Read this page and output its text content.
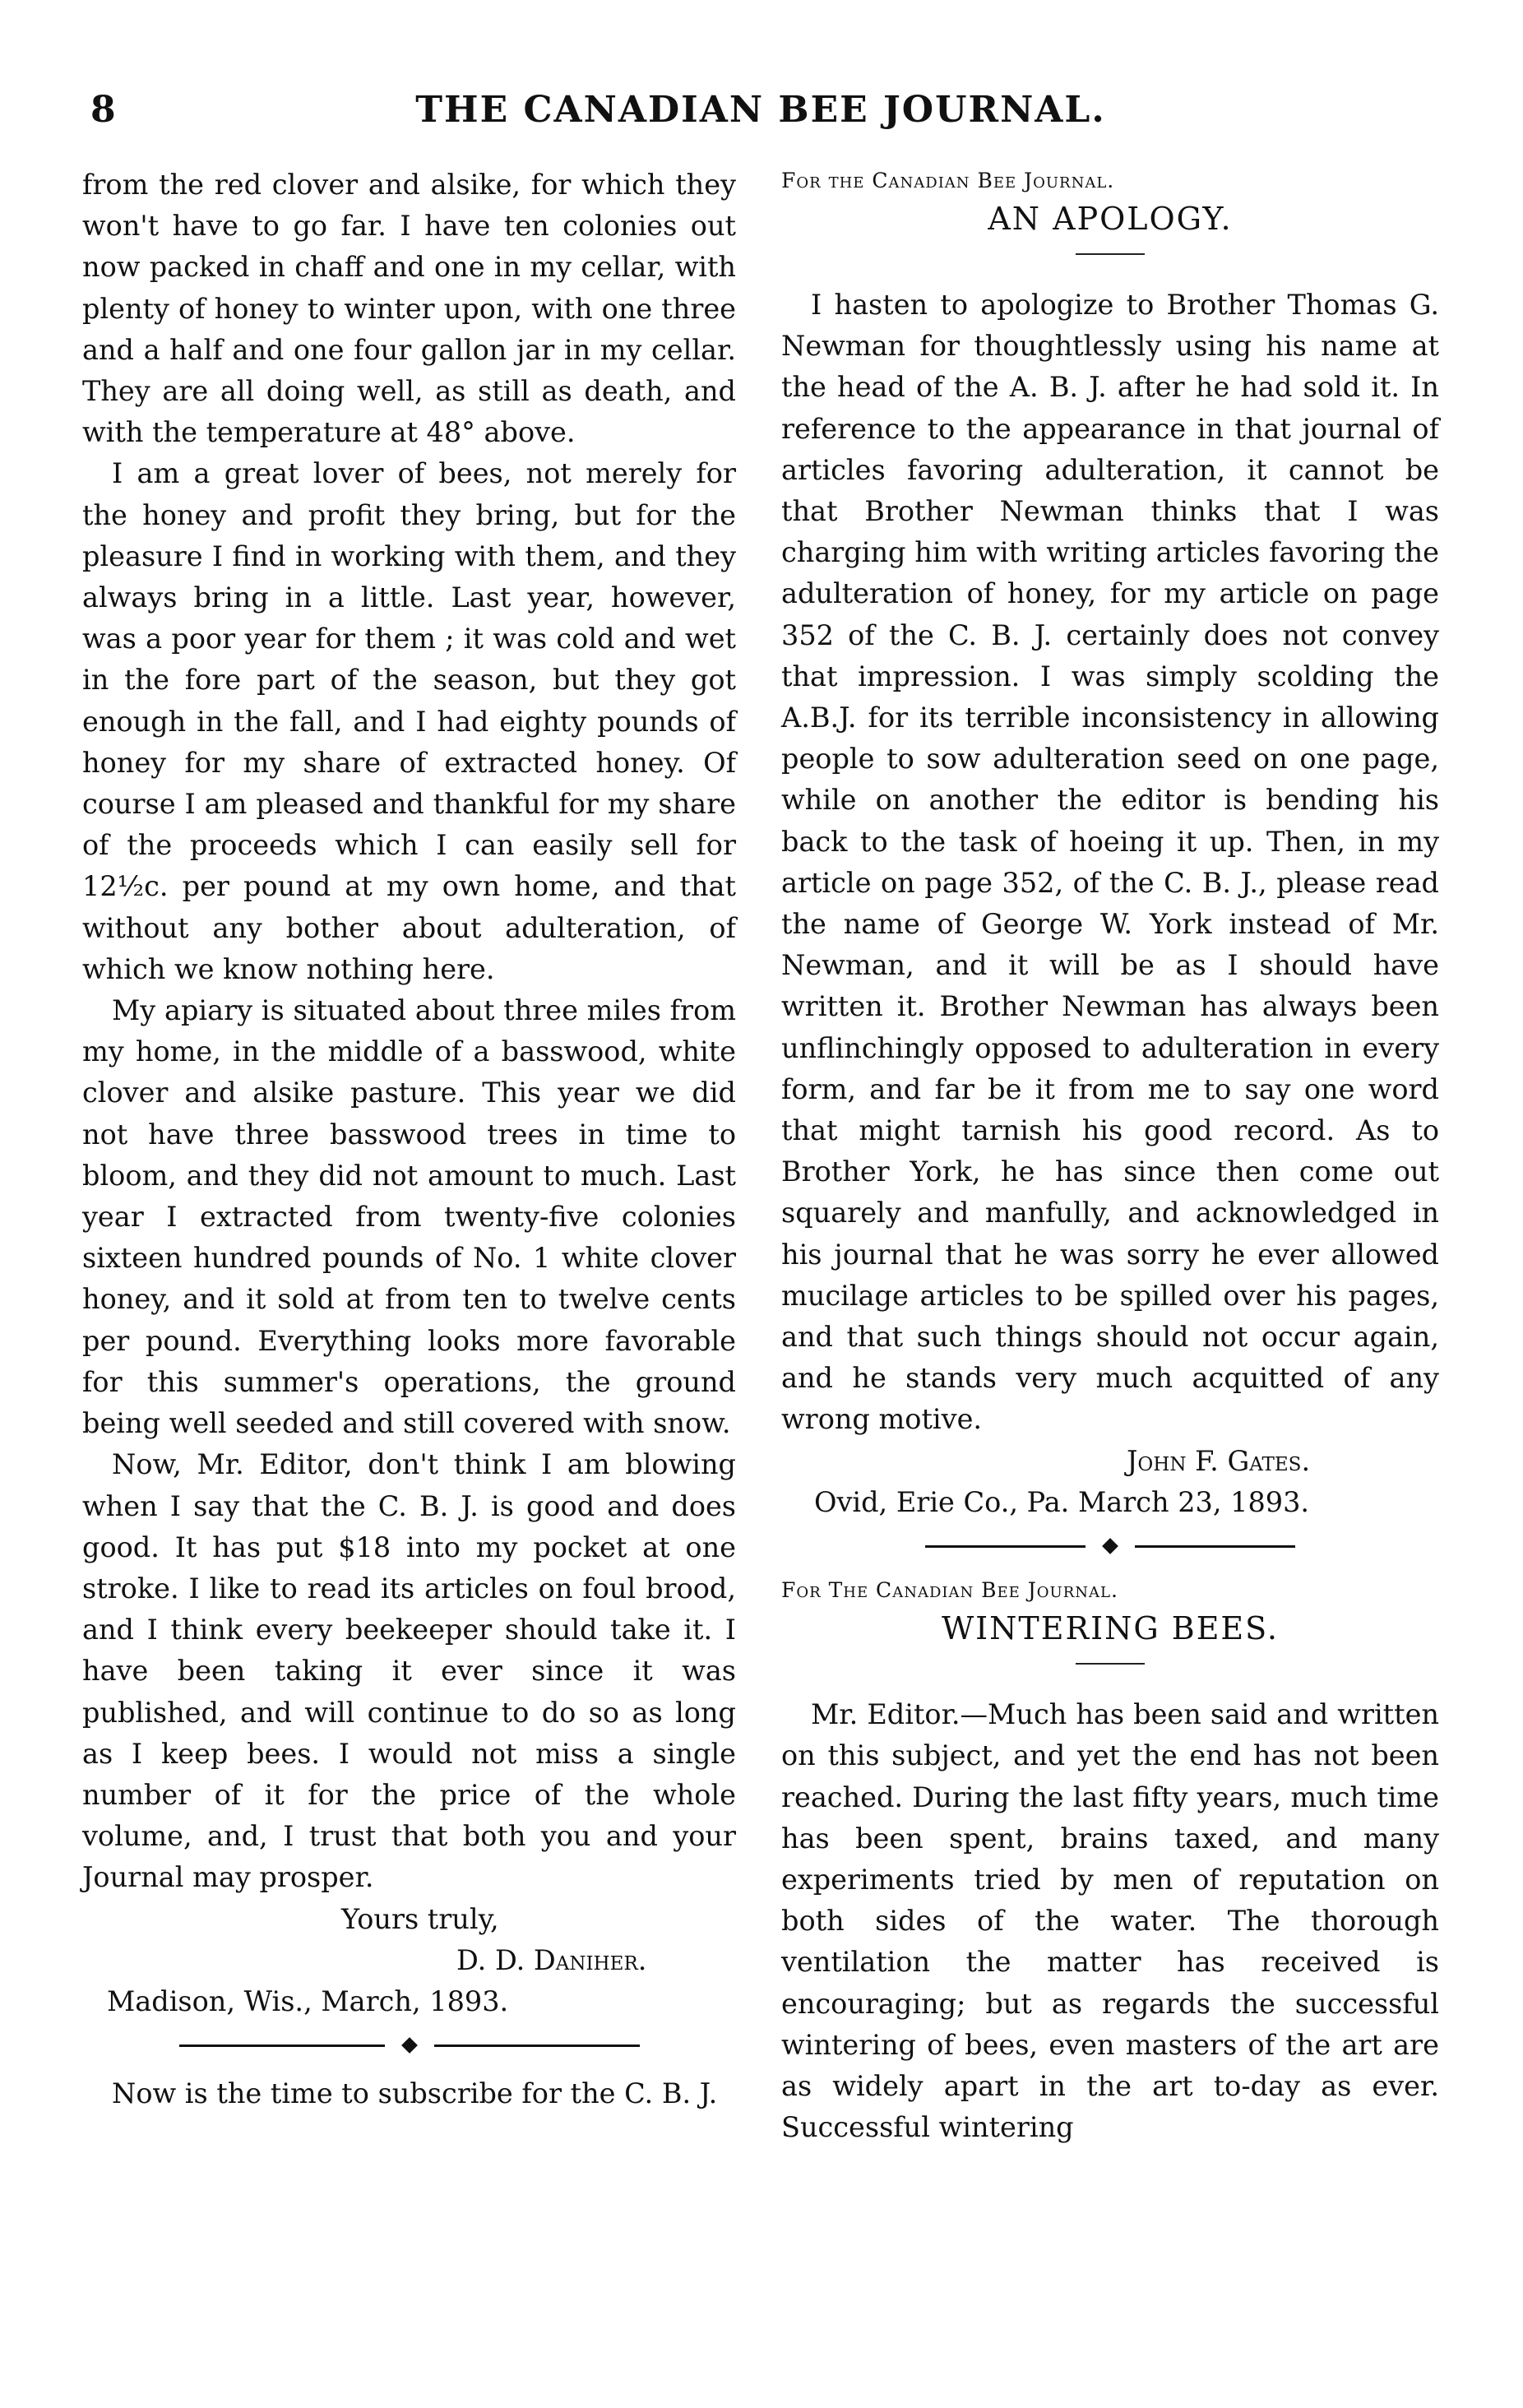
8	THE CANADIAN BEE JOURNAL.

from the red clover and alsike, for which they won't have to go far. I have ten colonies out now packed in chaff and one in my cellar, with plenty of honey to winter upon, with one three and a half and one four gallon jar in my cellar. They are all doing well, as still as death, and with the temperature at 48° above.

I am a great lover of bees, not merely for the honey and profit they bring, but for the pleasure I find in working with them, and they always bring in a little. Last year, however, was a poor year for them ; it was cold and wet in the fore part of the season, but they got enough in the fall, and I had eighty pounds of honey for my share of extracted honey. Of course I am pleased and thankful for my share of the proceeds which I can easily sell for 12½c. per pound at my own home, and that without any bother about adulteration, of which we know nothing here.

My apiary is situated about three miles from my home, in the middle of a basswood, white clover and alsike pasture. This year we did not have three basswood trees in time to bloom, and they did not amount to much. Last year I extracted from twenty-five colonies sixteen hundred pounds of No. 1 white clover honey, and it sold at from ten to twelve cents per pound. Everything looks more favorable for this summer's operations, the ground being well seeded and still covered with snow.

Now, Mr. Editor, don't think I am blowing when I say that the C. B. J. is good and does good. It has put $18 into my pocket at one stroke. I like to read its articles on foul brood, and I think every beekeeper should take it. I have been taking it ever since it was published, and will continue to do so as long as I keep bees. I would not miss a single number of it for the price of the whole volume, and, I trust that both you and your Journal may prosper.

Yours truly,
D. D. Daniher.
Madison, Wis., March, 1893.

Now is the time to subscribe for the C. B. J.

For the Canadian Bee Journal.
AN APOLOGY.

I hasten to apologize to Brother Thomas G. Newman for thoughtlessly using his name at the head of the A. B. J. after he had sold it. In reference to the appearance in that journal of articles favoring adulteration, it cannot be that Brother Newman thinks that I was charging him with writing articles favoring the adulteration of honey, for my article on page 352 of the C. B. J. certainly does not convey that impression. I was simply scolding the A.B.J. for its terrible inconsistency in allowing people to sow adulteration seed on one page, while on another the editor is bending his back to the task of hoeing it up. Then, in my article on page 352, of the C. B. J., please read the name of George W. York instead of Mr. Newman, and it will be as I should have written it. Brother Newman has always been unflinchingly opposed to adulteration in every form, and far be it from me to say one word that might tarnish his good record. As to Brother York, he has since then come out squarely and manfully, and acknowledged in his journal that he was sorry he ever allowed mucilage articles to be spilled over his pages, and that such things should not occur again, and he stands very much acquitted of any wrong motive.

John F. Gates.
Ovid, Erie Co., Pa. March 23, 1893.
For The Canadian Bee Journal.
WINTERING BEES.

Mr. Editor.—Much has been said and written on this subject, and yet the end has not been reached. During the last fifty years, much time has been spent, brains taxed, and many experiments tried by men of reputation on both sides of the water. The thorough ventilation the matter has received is encouraging; but as regards the successful wintering of bees, even masters of the art are as widely apart in the art to-day as ever. Successful wintering
